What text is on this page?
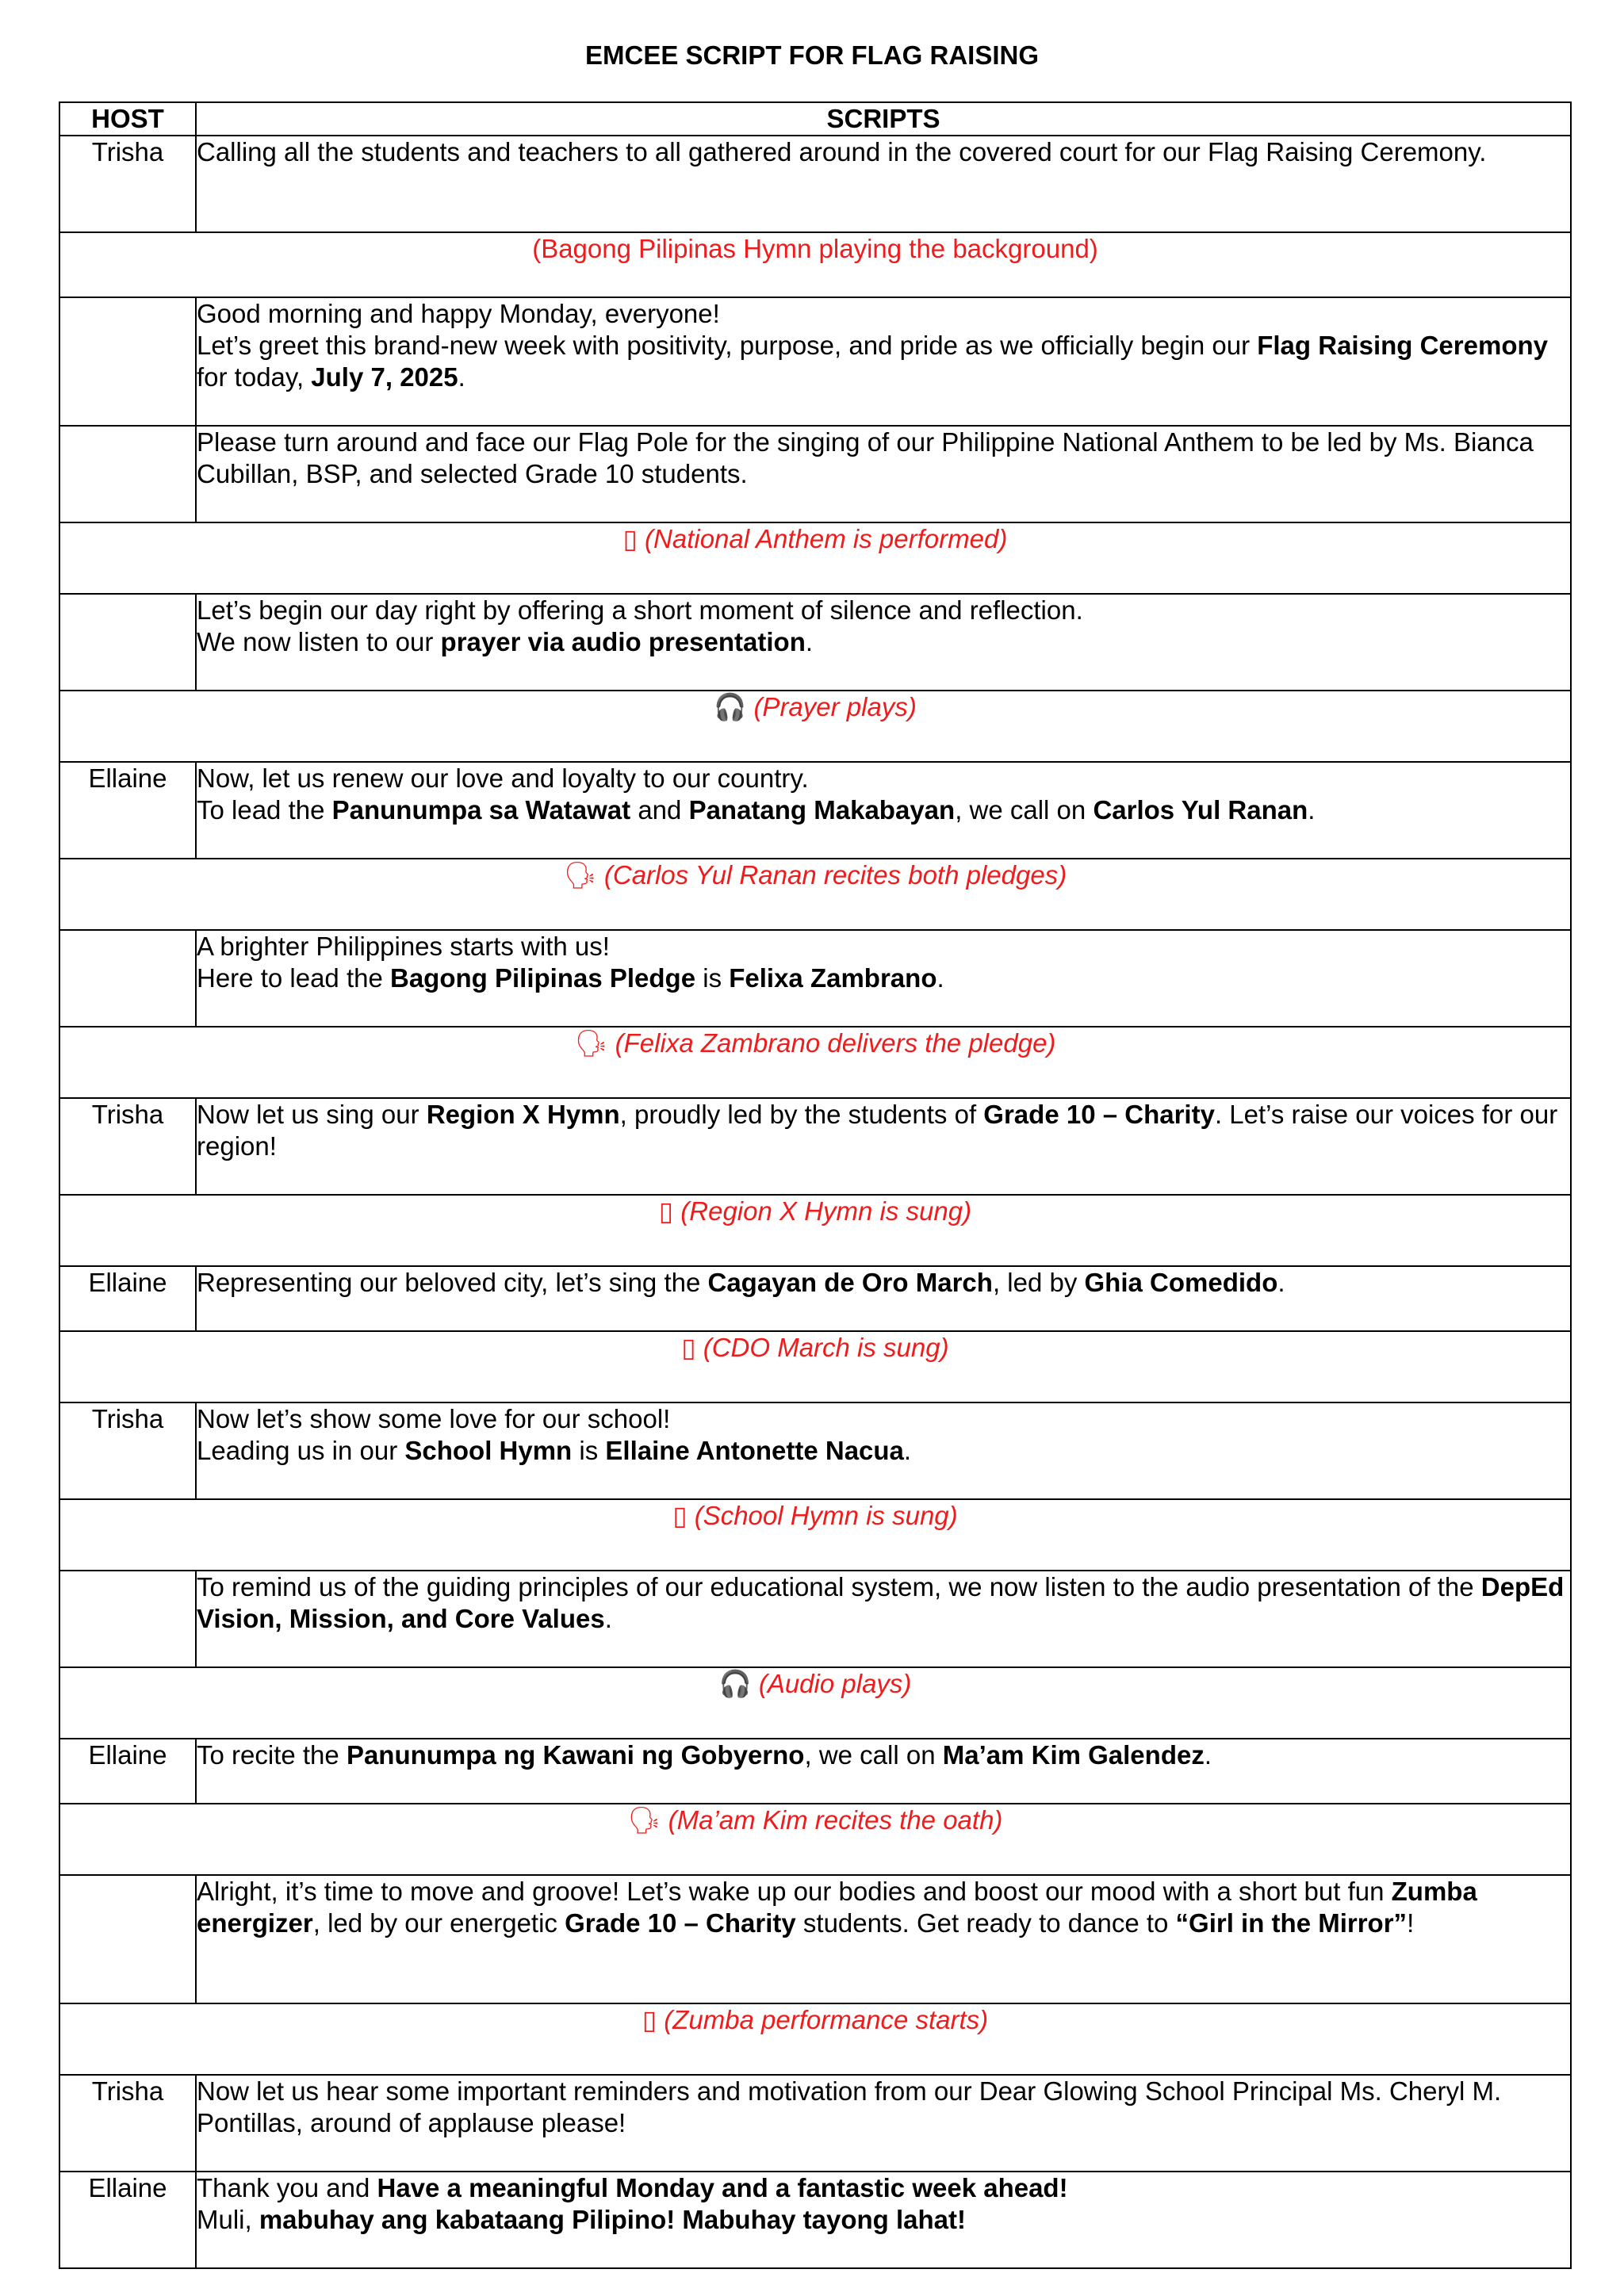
EMCEE SCRIPT FOR FLAG RAISING
HOST	SCRIPTS
Trisha	Calling all the students and teachers to all gathered around in the covered court for our Flag Raising Ceremony.

(Bagong Pilipinas Hymn playing the background)	

	Good morning and happy Monday, everyone!
Let’s greet this brand-new week with positivity, purpose, and pride as we officially begin our Flag Raising Ceremony for today, July 7, 2025.

	Please turn around and face our Flag Pole for the singing of our Philippine National Anthem to be led by Ms. Bianca Cubillan, BSP, and selected Grade 10 students.

▯ (National Anthem is performed)	

	Let’s begin our day right by offering a short moment of silence and reflection.
We now listen to our prayer via audio presentation.

🎧 (Prayer plays)	
Ellaine	Now, let us renew our love and loyalty to our country.
To lead the Panunumpa sa Watawat and Panatang Makabayan, we call on Carlos Yul Ranan.

🗣 (Carlos Yul Ranan recites both pledges)	

	A brighter Philippines starts with us!
Here to lead the Bagong Pilipinas Pledge is Felixa Zambrano.

🗣 (Felixa Zambrano delivers the pledge)	
Trisha	Now let us sing our Region X Hymn, proudly led by the students of Grade 10 – Charity. Let’s raise our voices for our region!

▯ (Region X Hymn is sung)	
Ellaine	Representing our beloved city, let’s sing the Cagayan de Oro March, led by Ghia Comedido.

▯ (CDO March is sung)	
Trisha	Now let’s show some love for our school!
Leading us in our School Hymn is Ellaine Antonette Nacua.

▯ (School Hymn is sung)	

	To remind us of the guiding principles of our educational system, we now listen to the audio presentation of the DepEd Vision, Mission, and Core Values.

🎧 (Audio plays)	
Ellaine	To recite the Panunumpa ng Kawani ng Gobyerno, we call on Ma’am Kim Galendez.

🗣 (Ma’am Kim recites the oath)	

	Alright, it’s time to move and groove! Let’s wake up our bodies and boost our mood with a short but fun Zumba energizer, led by our energetic Grade 10 – Charity students. Get ready to dance to “Girl in the Mirror”!

▯ (Zumba performance starts)	
Trisha	Now let us hear some important reminders and motivation from our Dear Glowing School Principal Ms. Cheryl M. Pontillas, around of applause please!

Ellaine	Thank you and Have a meaningful Monday and a fantastic week ahead!
Muli, mabuhay ang kabataang Pilipino! Mabuhay tayong lahat!
